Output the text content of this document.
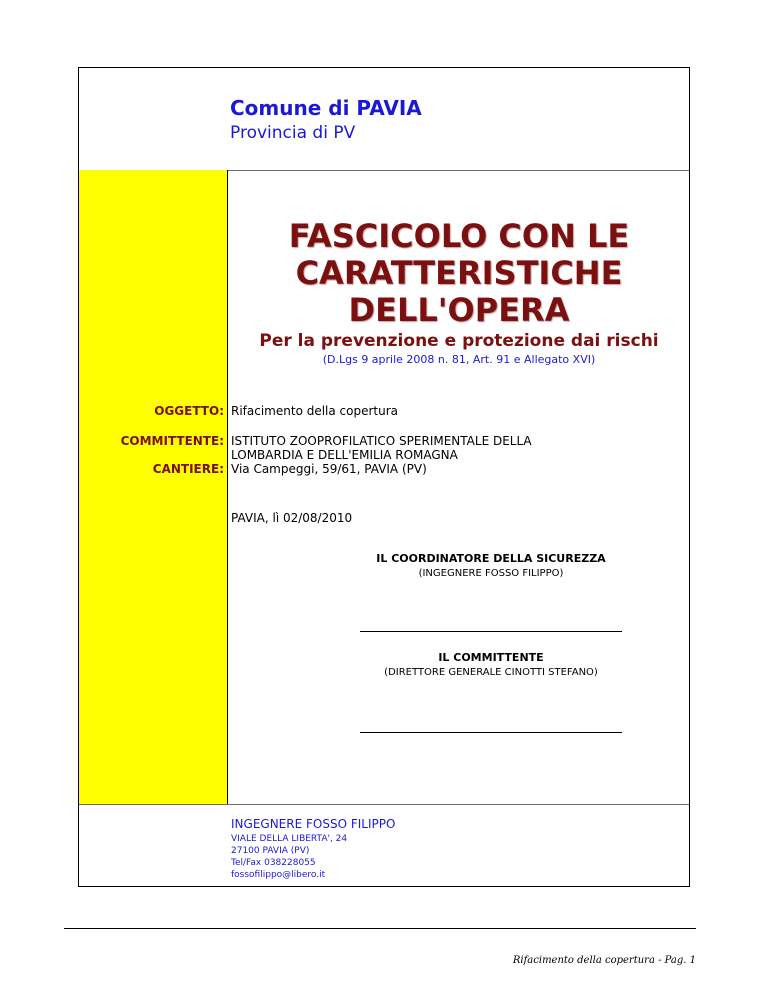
Comune di PAVIA
Provincia di PV
FASCICOLO CON LE
CARATTERISTICHE
DELL'OPERA
Per la prevenzione e protezione dai rischi
(D.Lgs 9 aprile 2008 n. 81, Art. 91 e Allegato XVI)
OGGETTO: Rifacimento della copertura
COMMITTENTE: ISTITUTO ZOOPROFILATICO SPERIMENTALE DELLA LOMBARDIA E DELL'EMILIA ROMAGNA
CANTIERE: Via Campeggi, 59/61, PAVIA (PV)
PAVIA, lì 02/08/2010
IL COORDINATORE DELLA SICUREZZA
(INGEGNERE FOSSO FILIPPO)
IL COMMITTENTE
(DIRETTORE GENERALE CINOTTI STEFANO)
INGEGNERE FOSSO FILIPPO
VIALE DELLA LIBERTA', 24
27100 PAVIA (PV)
Tel/Fax 038228055
fossofilippo@libero.it
Rifacimento della copertura - Pag. 1
